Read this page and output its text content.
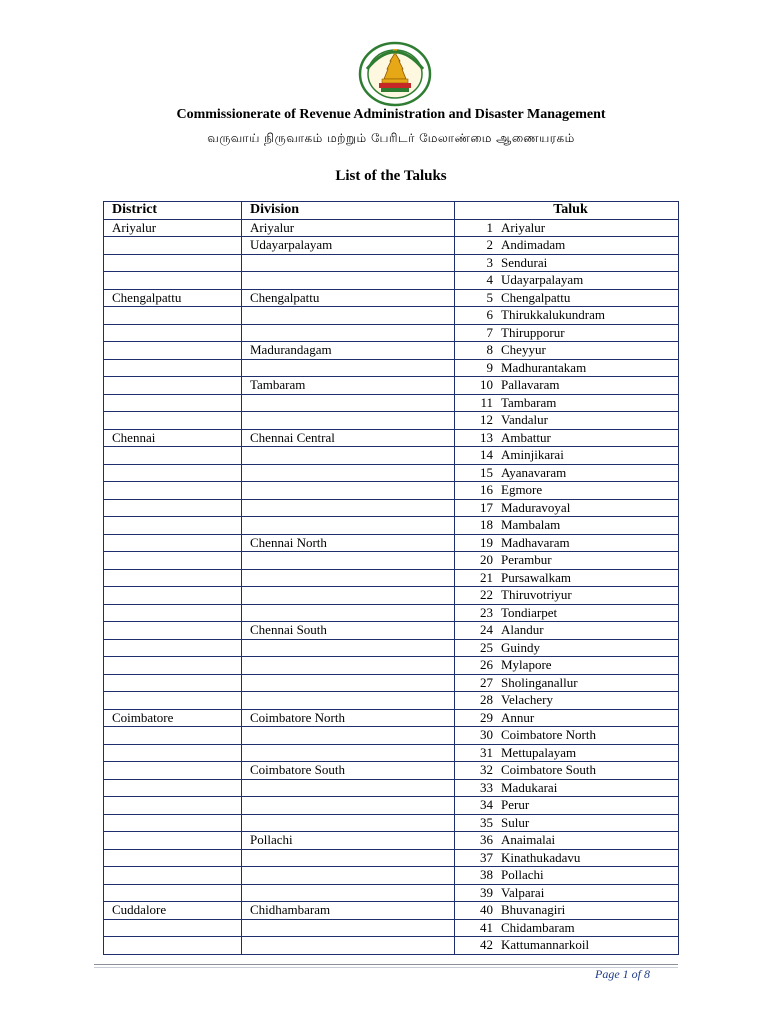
Commissionerate of Revenue Administration and Disaster Management
வருவாய் நிருவாகம் மற்றும் பேரிடர் மேலாண்மை ஆணையரகம்
List of the Taluks
District	Division	Taluk
Ariyalur	Ariyalur	1 Ariyalur
	Udayarpalayam	2 Andimadam
		3 Sendurai
		4 Udayarpalayam
Chengalpattu	Chengalpattu	5 Chengalpattu
		6 Thirukkalukundram
		7 Thirupporur
	Madurandagam	8 Cheyyur
		9 Madhurantakam
	Tambaram	10 Pallavaram
		11 Tambaram
		12 Vandalur
Chennai	Chennai Central	13 Ambattur
		14 Aminjikarai
		15 Ayanavaram
		16 Egmore
		17 Maduravoyal
		18 Mambalam
	Chennai North	19 Madhavaram
		20 Perambur
		21 Pursawalkam
		22 Thiruvotriyur
		23 Tondiarpet
	Chennai South	24 Alandur
		25 Guindy
		26 Mylapore
		27 Sholinganallur
		28 Velachery
Coimbatore	Coimbatore North	29 Annur
		30 Coimbatore North
		31 Mettupalayam
	Coimbatore South	32 Coimbatore South
		33 Madukarai
		34 Perur
		35 Sulur
	Pollachi	36 Anaimalai
		37 Kinathukadavu
		38 Pollachi
		39 Valparai
Cuddalore	Chidhambaram	40 Bhuvanagiri
		41 Chidambaram
		42 Kattumannarkoil
Page 1 of 8
